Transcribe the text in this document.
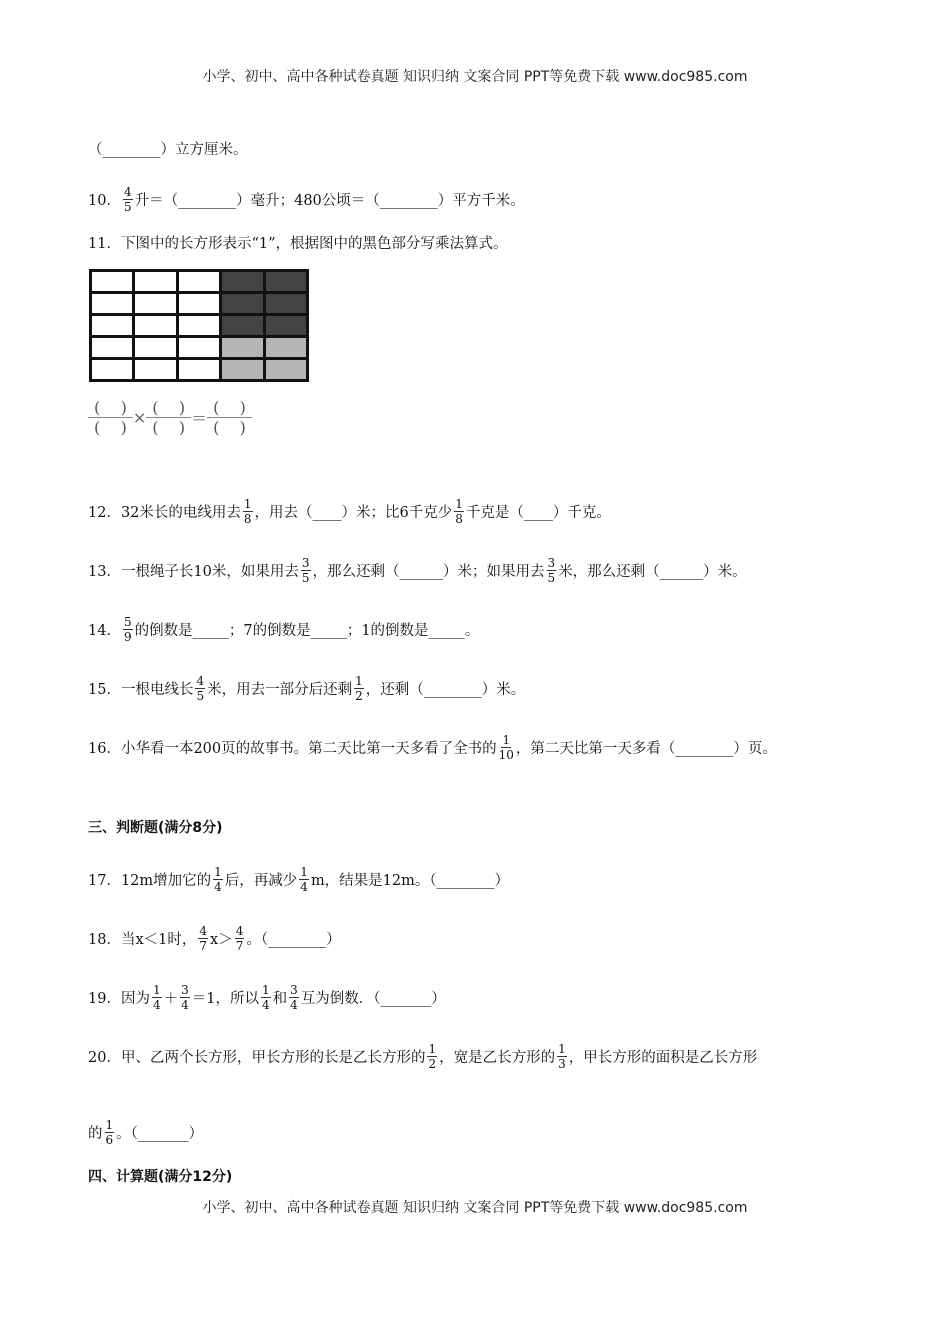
小学、初中、高中各种试卷真题 知识归纳 文案合同 PPT等免费下载 www.doc985.com
（________）立方厘米。
10． $\frac{4}{5}$ 升＝（________）毫升；480公顷＝（________）平方千米。
11．下图中的长方形表示“1”，根据图中的黑色部分写乘法算式。
12．32米长的电线用去 $\frac{1}{8}$ ，用去（____）米；比6千克少 $\frac{1}{8}$ 千克是（____）千克。
13．一根绳子长10米，如果用去 $\frac{3}{5}$ ，那么还剩（______）米；如果用去 $\frac{3}{5}$ 米，那么还剩（______）米。
14． $\frac{5}{9}$ 的倒数是_____；7的倒数是_____；1的倒数是_____。
15．一根电线长 $\frac{4}{5}$ 米，用去一部分后还剩 $\frac{1}{2}$ ，还剩（________）米。
16．小华看一本200页的故事书。第二天比第一天多看了全书的 $\frac{1}{10}$ ，第二天比第一天多看（________）页。
三、判断题(满分8分)
17．12m增加它的 $\frac{1}{4}$ 后，再减少 $\frac{1}{4}$ m，结果是12m。（________）
18．当x＜1时， $\frac{4}{7} x> \frac{4}{7}$ 。（________）
19．因为 $\frac{1}{4} + \frac{3}{4} =1$，所以 $\frac{1}{4}$ 和 $\frac{3}{4}$ 互为倒数．（_______）
20．甲、乙两个长方形，甲长方形的长是乙长方形的 $\frac{1}{2}$ ，宽是乙长方形的 $\frac{1}{3}$ ，甲长方形的面积是乙长方形
的 $\frac{1}{6}$ 。（_______）
四、计算题(满分12分)
(    )
(    )
×
(    )
(    ) ＝
(    )
(    )
小学、初中、高中各种试卷真题 知识归纳 文案合同 PPT等免费下载 www.doc985.com
